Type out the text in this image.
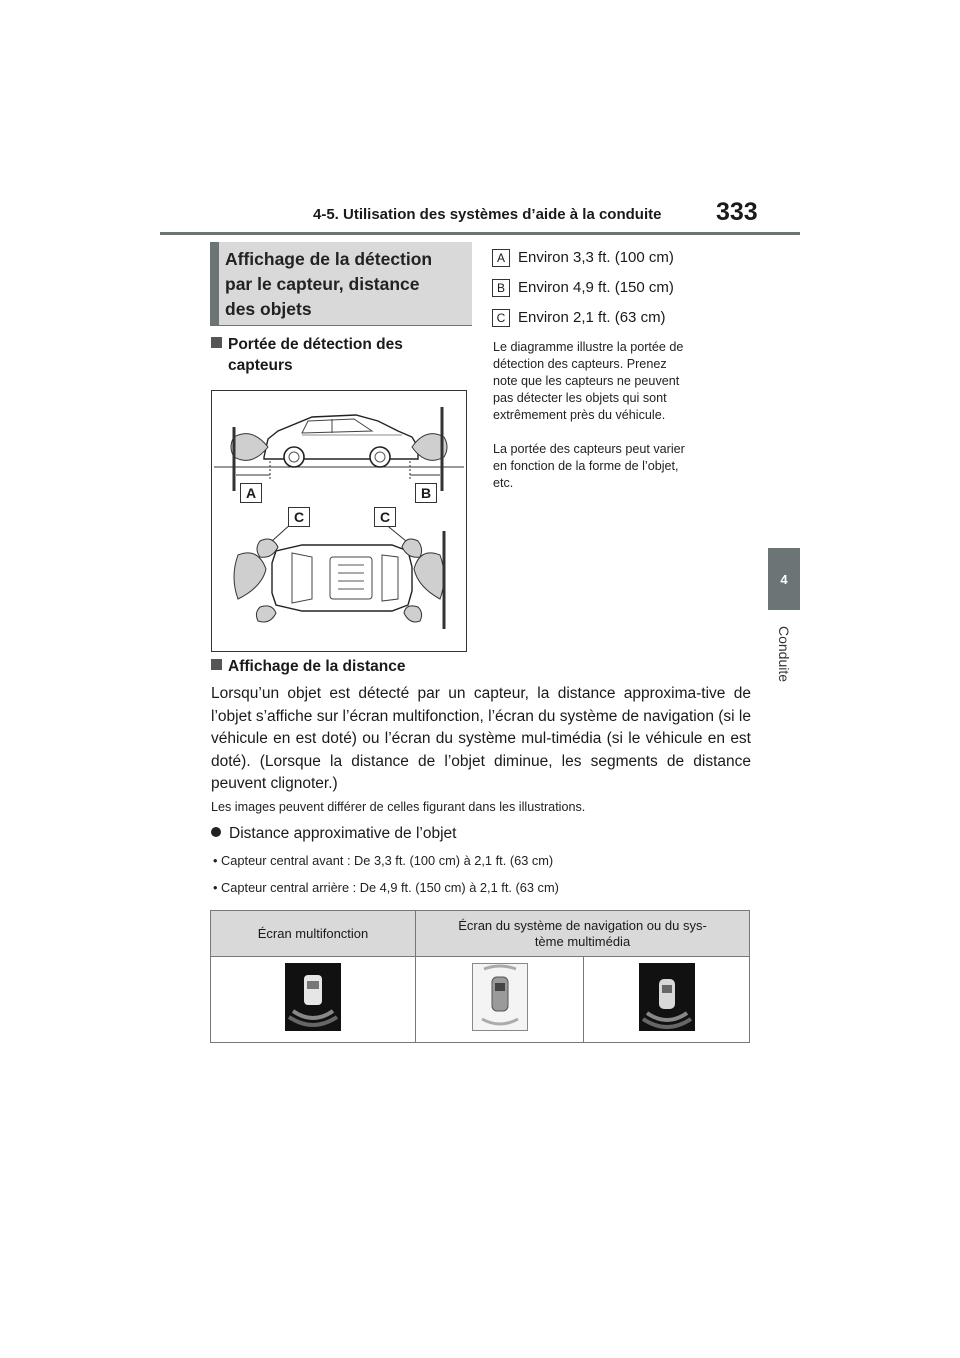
4-5. Utilisation des systèmes d’aide à la conduite 333
4
Conduite
Affichage de la détection
par le capteur, distance
des objets
Portée de détection des
capteurs
A	B
C	C
A Environ 3,3 ft. (100 cm)
B Environ 4,9 ft. (150 cm)
C Environ 2,1 ft. (63 cm)
Le diagramme illustre la portée de
détection des capteurs. Prenez
note que les capteurs ne peuvent
pas détecter les objets qui sont
extrêmement près du véhicule.
La portée des capteurs peut varier
en fonction de la forme de l’objet,
etc.
Affichage de la distance
Lorsqu’un objet est détecté par un capteur, la distance approxima-tive de l’objet s’affiche sur l’écran multifonction, l’écran du système de navigation (si le véhicule en est doté) ou l’écran du système mul-timédia (si le véhicule en est doté). (Lorsque la distance de l’objet diminue, les segments de distance peuvent clignoter.)
Les images peuvent différer de celles figurant dans les illustrations.
Distance approximative de l’objet
• Capteur central avant : De 3,3 ft. (100 cm) à 2,1 ft. (63 cm)
• Capteur central arrière : De 4,9 ft. (150 cm) à 2,1 ft. (63 cm)
Écran multifonction	Écran du système de navigation ou du sys-
tème multimédia	
